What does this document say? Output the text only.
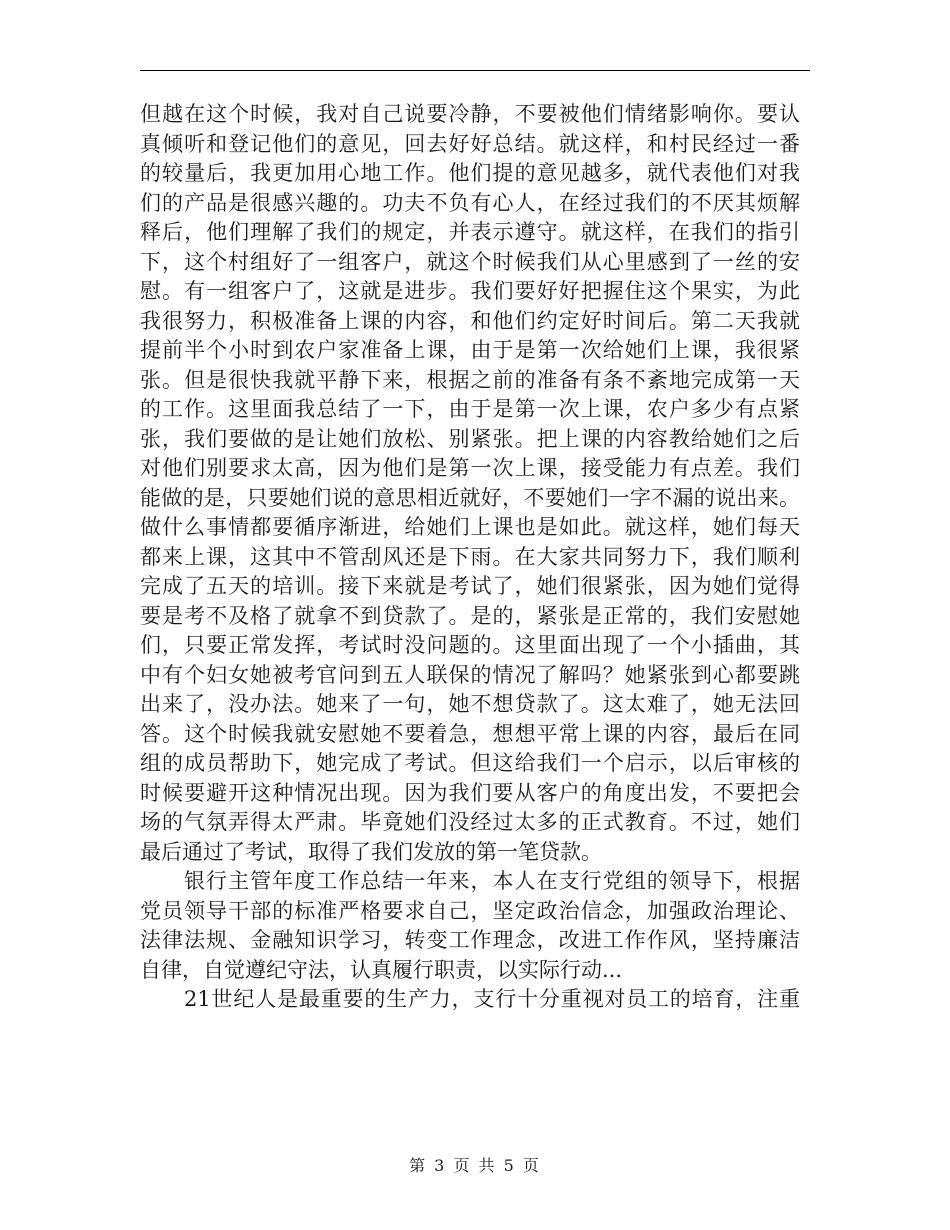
但越在这个时候，我对自己说要冷静，不要被他们情绪影响你。要认
真倾听和登记他们的意见，回去好好总结。就这样，和村民经过一番
的较量后，我更加用心地工作。他们提的意见越多，就代表他们对我
们的产品是很感兴趣的。功夫不负有心人，在经过我们的不厌其烦解
释后，他们理解了我们的规定，并表示遵守。就这样，在我们的指引
下，这个村组好了一组客户，就这个时候我们从心里感到了一丝的安
慰。有一组客户了，这就是进步。我们要好好把握住这个果实，为此
我很努力，积极准备上课的内容，和他们约定好时间后。第二天我就
提前半个小时到农户家准备上课，由于是第一次给她们上课，我很紧
张。但是很快我就平静下来，根据之前的准备有条不紊地完成第一天
的工作。这里面我总结了一下，由于是第一次上课，农户多少有点紧
张，我们要做的是让她们放松、别紧张。把上课的内容教给她们之后
对他们别要求太高，因为他们是第一次上课，接受能力有点差。我们
能做的是，只要她们说的意思相近就好，不要她们一字不漏的说出来。
做什么事情都要循序渐进，给她们上课也是如此。就这样，她们每天
都来上课，这其中不管刮风还是下雨。在大家共同努力下，我们顺利
完成了五天的培训。接下来就是考试了，她们很紧张，因为她们觉得
要是考不及格了就拿不到贷款了。是的，紧张是正常的，我们安慰她
们，只要正常发挥，考试时没问题的。这里面出现了一个小插曲，其
中有个妇女她被考官问到五人联保的情况了解吗？她紧张到心都要跳
出来了，没办法。她来了一句，她不想贷款了。这太难了，她无法回
答。这个时候我就安慰她不要着急，想想平常上课的内容，最后在同
组的成员帮助下，她完成了考试。但这给我们一个启示，以后审核的
时候要避开这种情况出现。因为我们要从客户的角度出发，不要把会
场的气氛弄得太严肃。毕竟她们没经过太多的正式教育。不过，她们
最后通过了考试，取得了我们发放的第一笔贷款。
银行主管年度工作总结一年来，本人在支行党组的领导下，根据
党员领导干部的标准严格要求自己，坚定政治信念，加强政治理论、
法律法规、金融知识学习，转变工作理念，改进工作作风，坚持廉洁
自律，自觉遵纪守法，认真履行职责，以实际行动...
21世纪人是最重要的生产力，支行十分重视对员工的培育，注重
第 3 页 共 5 页
